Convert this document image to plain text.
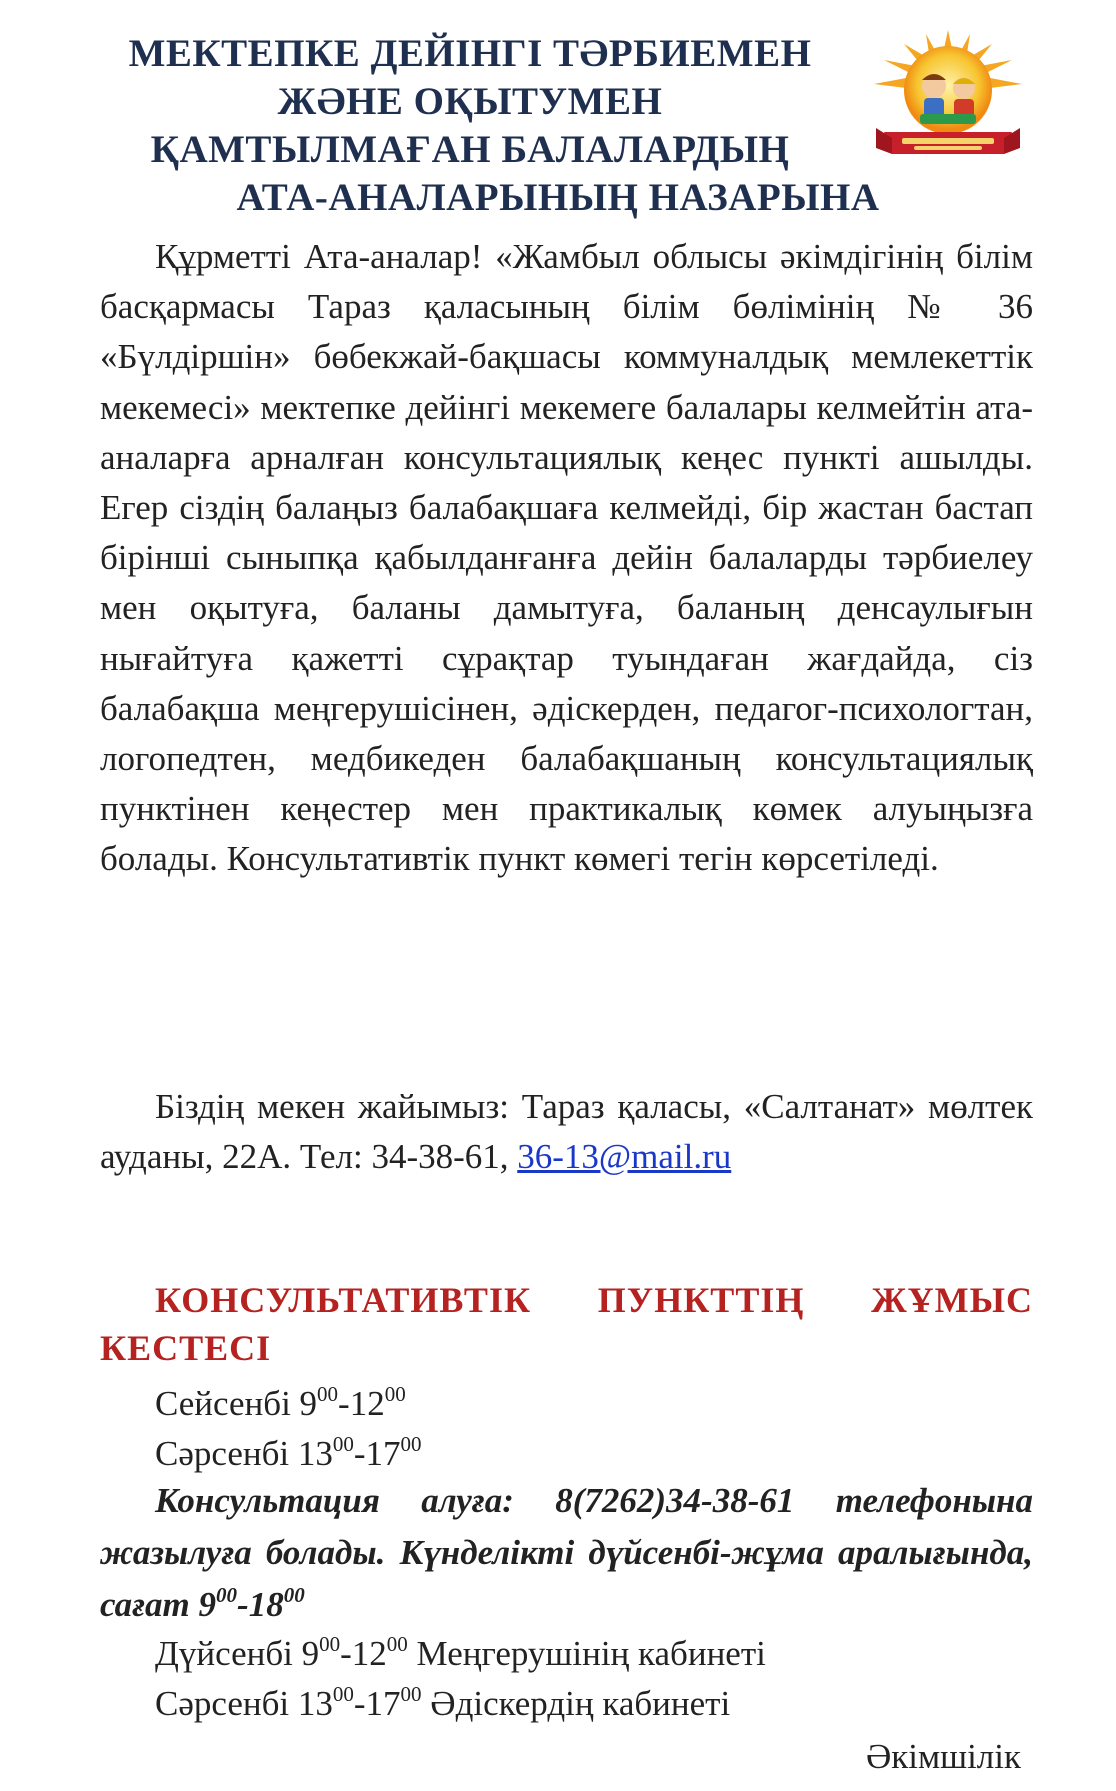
МЕКТЕПКЕ ДЕЙІНГІ ТӘРБИЕМЕН
ЖӘНЕ ОҚЫТУМЕН
ҚАМТЫЛМАҒАН БАЛАЛАРДЫҢ
АТА-АНАЛАРЫНЫҢ НАЗАРЫНА
Құрметті Ата-аналар! «Жамбыл облысы әкімдігінің білім басқармасы Тараз қаласының білім бөлімінің № 36 «Бүлдіршін» бөбекжай-бақшасы коммуналдық мемлекеттік мекемесі» мектепке дейінгі мекемеге балалары келмейтін ата-аналарға арналған консультациялық кеңес пункті ашылды. Егер сіздің балаңыз балабақшаға келмейді, бір жастан бастап бірінші сыныпқа қабылданғанға дейін балаларды тәрбиелеу мен оқытуға, баланы дамытуға, баланың денсаулығын нығайтуға қажетті сұрақтар туындаған жағдайда, сіз балабақша меңгерушісінен, әдіскерден, педагог-психологтан, логопедтен, медбикеден балабақшаның консультациялық пунктінен кеңестер мен практикалық көмек алуыңызға болады. Консультативтік пункт көмегі тегін көрсетіледі.
Біздің мекен жайымыз: Тараз қаласы, «Салтанат» мөлтек ауданы, 22А. Тел: 34-38-61, 36-13@mail.ru
КОНСУЛЬТАТИВТІК ПУНКТТІҢ ЖҰМЫС КЕСТЕСІ
Сейсенбі $9^{00}-12^{00}$
Сәрсенбі $13^{00}-17^{00}$
Консультация алуға: 8(7262)34-38-61 телефонына жазылуға болады. Күнделікті дүйсенбі-жұма аралығында, сағат $9^{00}-18^{00}$
Дүйсенбі $9^{00}-12^{00}$ Меңгерушінің кабинеті
Сәрсенбі $13^{00}-17^{00}$ Әдіскердің кабинеті
Әкімшілік
